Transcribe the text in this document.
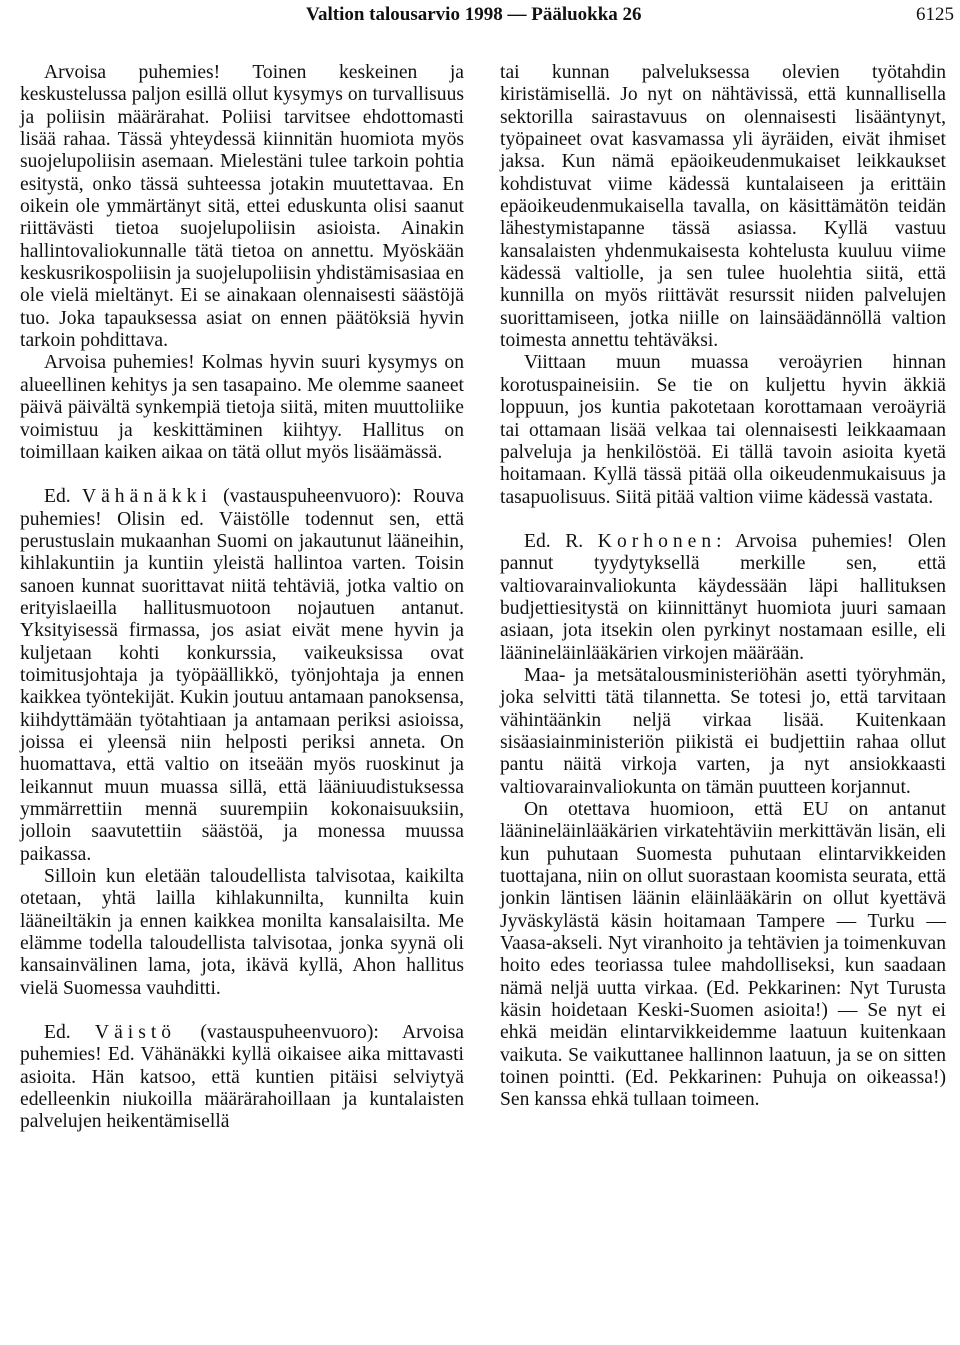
Valtion talousarvio 1998 — Pääluokka 26	6125

Arvoisa puhemies! Toinen keskeinen ja keskustelussa paljon esillä ollut kysymys on turvallisuus ja poliisin määrärahat. Poliisi tarvitsee ehdottomasti lisää rahaa. Tässä yhteydessä kiinnitän huomiota myös suojelupoliisin asemaan. Mielestäni tulee tarkoin pohtia esitystä, onko tässä suhteessa jotakin muutettavaa. En oikein ole ymmärtänyt sitä, ettei eduskunta olisi saanut riittävästi tietoa suojelupoliisin asioista. Ainakin hallintovaliokunnalle tätä tietoa on annettu. Myöskään keskusrikospoliisin ja suojelupoliisin yhdistämisasiaa en ole vielä mieltänyt. Ei se ainakaan olennaisesti säästöjä tuo. Joka tapauksessa asiat on ennen päätöksiä hyvin tarkoin pohdittava.

Arvoisa puhemies! Kolmas hyvin suuri kysymys on alueellinen kehitys ja sen tasapaino. Me olemme saaneet päivä päivältä synkempiä tietoja siitä, miten muuttoliike voimistuu ja keskittäminen kiihtyy. Hallitus on toimillaan kaiken aikaa on tätä ollut myös lisäämässä.

Ed. Vähänäkki (vastauspuheenvuoro): Rouva puhemies! Olisin ed. Väistölle todennut sen, että perustuslain mukaanhan Suomi on jakautunut lääneihin, kihlakuntiin ja kuntiin yleistä hallintoa varten. Toisin sanoen kunnat suorittavat niitä tehtäviä, jotka valtio on erityislaeilla hallitusmuotoon nojautuen antanut. Yksityisessä firmassa, jos asiat eivät mene hyvin ja kuljetaan kohti konkurssia, vaikeuksissa ovat toimitusjohtaja ja työpäällikkö, työnjohtaja ja ennen kaikkea työntekijät. Kukin joutuu antamaan panoksensa, kiihdyttämään työtahtiaan ja antamaan periksi asioissa, joissa ei yleensä niin helposti periksi anneta. On huomattava, että valtio on itseään myös ruoskinut ja leikannut muun muassa sillä, että lääniuudistuksessa ymmärrettiin mennä suurempiin kokonaisuuksiin, jolloin saavutettiin säästöä, ja monessa muussa paikassa.

Silloin kun eletään taloudellista talvisotaa, kaikilta otetaan, yhtä lailla kihlakunnilta, kunnilta kuin lääneiltäkin ja ennen kaikkea monilta kansalaisilta. Me elämme todella taloudellista talvisotaa, jonka syynä oli kansainvälinen lama, jota, ikävä kyllä, Ahon hallitus vielä Suomessa vauhditti.

Ed. Väistö (vastauspuheenvuoro): Arvoisa puhemies! Ed. Vähänäkki kyllä oikaisee aika mittavasti asioita. Hän katsoo, että kuntien pitäisi selviytyä edelleenkin niukoilla määrärahoillaan ja kuntalaisten palvelujen heikentämisellä

tai kunnan palveluksessa olevien työtahdin kiristämisellä. Jo nyt on nähtävissä, että kunnallisella sektorilla sairastavuus on olennaisesti lisääntynyt, työpaineet ovat kasvamassa yli äyräiden, eivät ihmiset jaksa. Kun nämä epäoikeudenmukaiset leikkaukset kohdistuvat viime kädessä kuntalaiseen ja erittäin epäoikeudenmukaisella tavalla, on käsittämätön teidän lähestymistapanne tässä asiassa. Kyllä vastuu kansalaisten yhdenmukaisesta kohtelusta kuuluu viime kädessä valtiolle, ja sen tulee huolehtia siitä, että kunnilla on myös riittävät resurssit niiden palvelujen suorittamiseen, jotka niille on lainsäädännöllä valtion toimesta annettu tehtäväksi.

Viittaan muun muassa veroäyrien hinnan korotuspaineisiin. Se tie on kuljettu hyvin äkkiä loppuun, jos kuntia pakotetaan korottamaan veroäyriä tai ottamaan lisää velkaa tai olennaisesti leikkaamaan palveluja ja henkilöstöä. Ei tällä tavoin asioita kyetä hoitamaan. Kyllä tässä pitää olla oikeudenmukaisuus ja tasapuolisuus. Siitä pitää valtion viime kädessä vastata.

Ed. R. Korhonen: Arvoisa puhemies! Olen pannut tyydytyksellä merkille sen, että valtiovarainvaliokunta käydessään läpi hallituksen budjettiesitystä on kiinnittänyt huomiota juuri samaan asiaan, jota itsekin olen pyrkinyt nostamaan esille, eli lääninеläinlääkärien virkojen määrään.

Maa- ja metsätalousministeriöhän asetti työryhmän, joka selvitti tätä tilannetta. Se totesi jo, että tarvitaan vähintäänkin neljä virkaa lisää. Kuitenkaan sisäasiainministeriön piikistä ei budjettiin rahaa ollut pantu näitä virkoja varten, ja nyt ansiokkaasti valtiovarainvaliokunta on tämän puutteen korjannut.

On otettava huomioon, että EU on antanut lääninеläinlääkärien virkatehtäviin merkittävän lisän, eli kun puhutaan Suomesta puhutaan elintarvikkeiden tuottajana, niin on ollut suorastaan koomista seurata, että jonkin läntisen läänin eläinlääkärin on ollut kyettävä Jyväskylästä käsin hoitamaan Tampere — Turku — Vaasa-akseli. Nyt viranhoito ja tehtävien ja toimenkuvan hoito edes teoriassa tulee mahdolliseksi, kun saadaan nämä neljä uutta virkaa. (Ed. Pekkarinen: Nyt Turusta käsin hoidetaan Keski-Suomen asioita!) — Se nyt ei ehkä meidän elintarvikkeidemme laatuun kuitenkaan vaikuta. Se vaikuttanee hallinnon laatuun, ja se on sitten toinen pointti. (Ed. Pekkarinen: Puhuja on oikeassa!) Sen kanssa ehkä tullaan toimeen.
